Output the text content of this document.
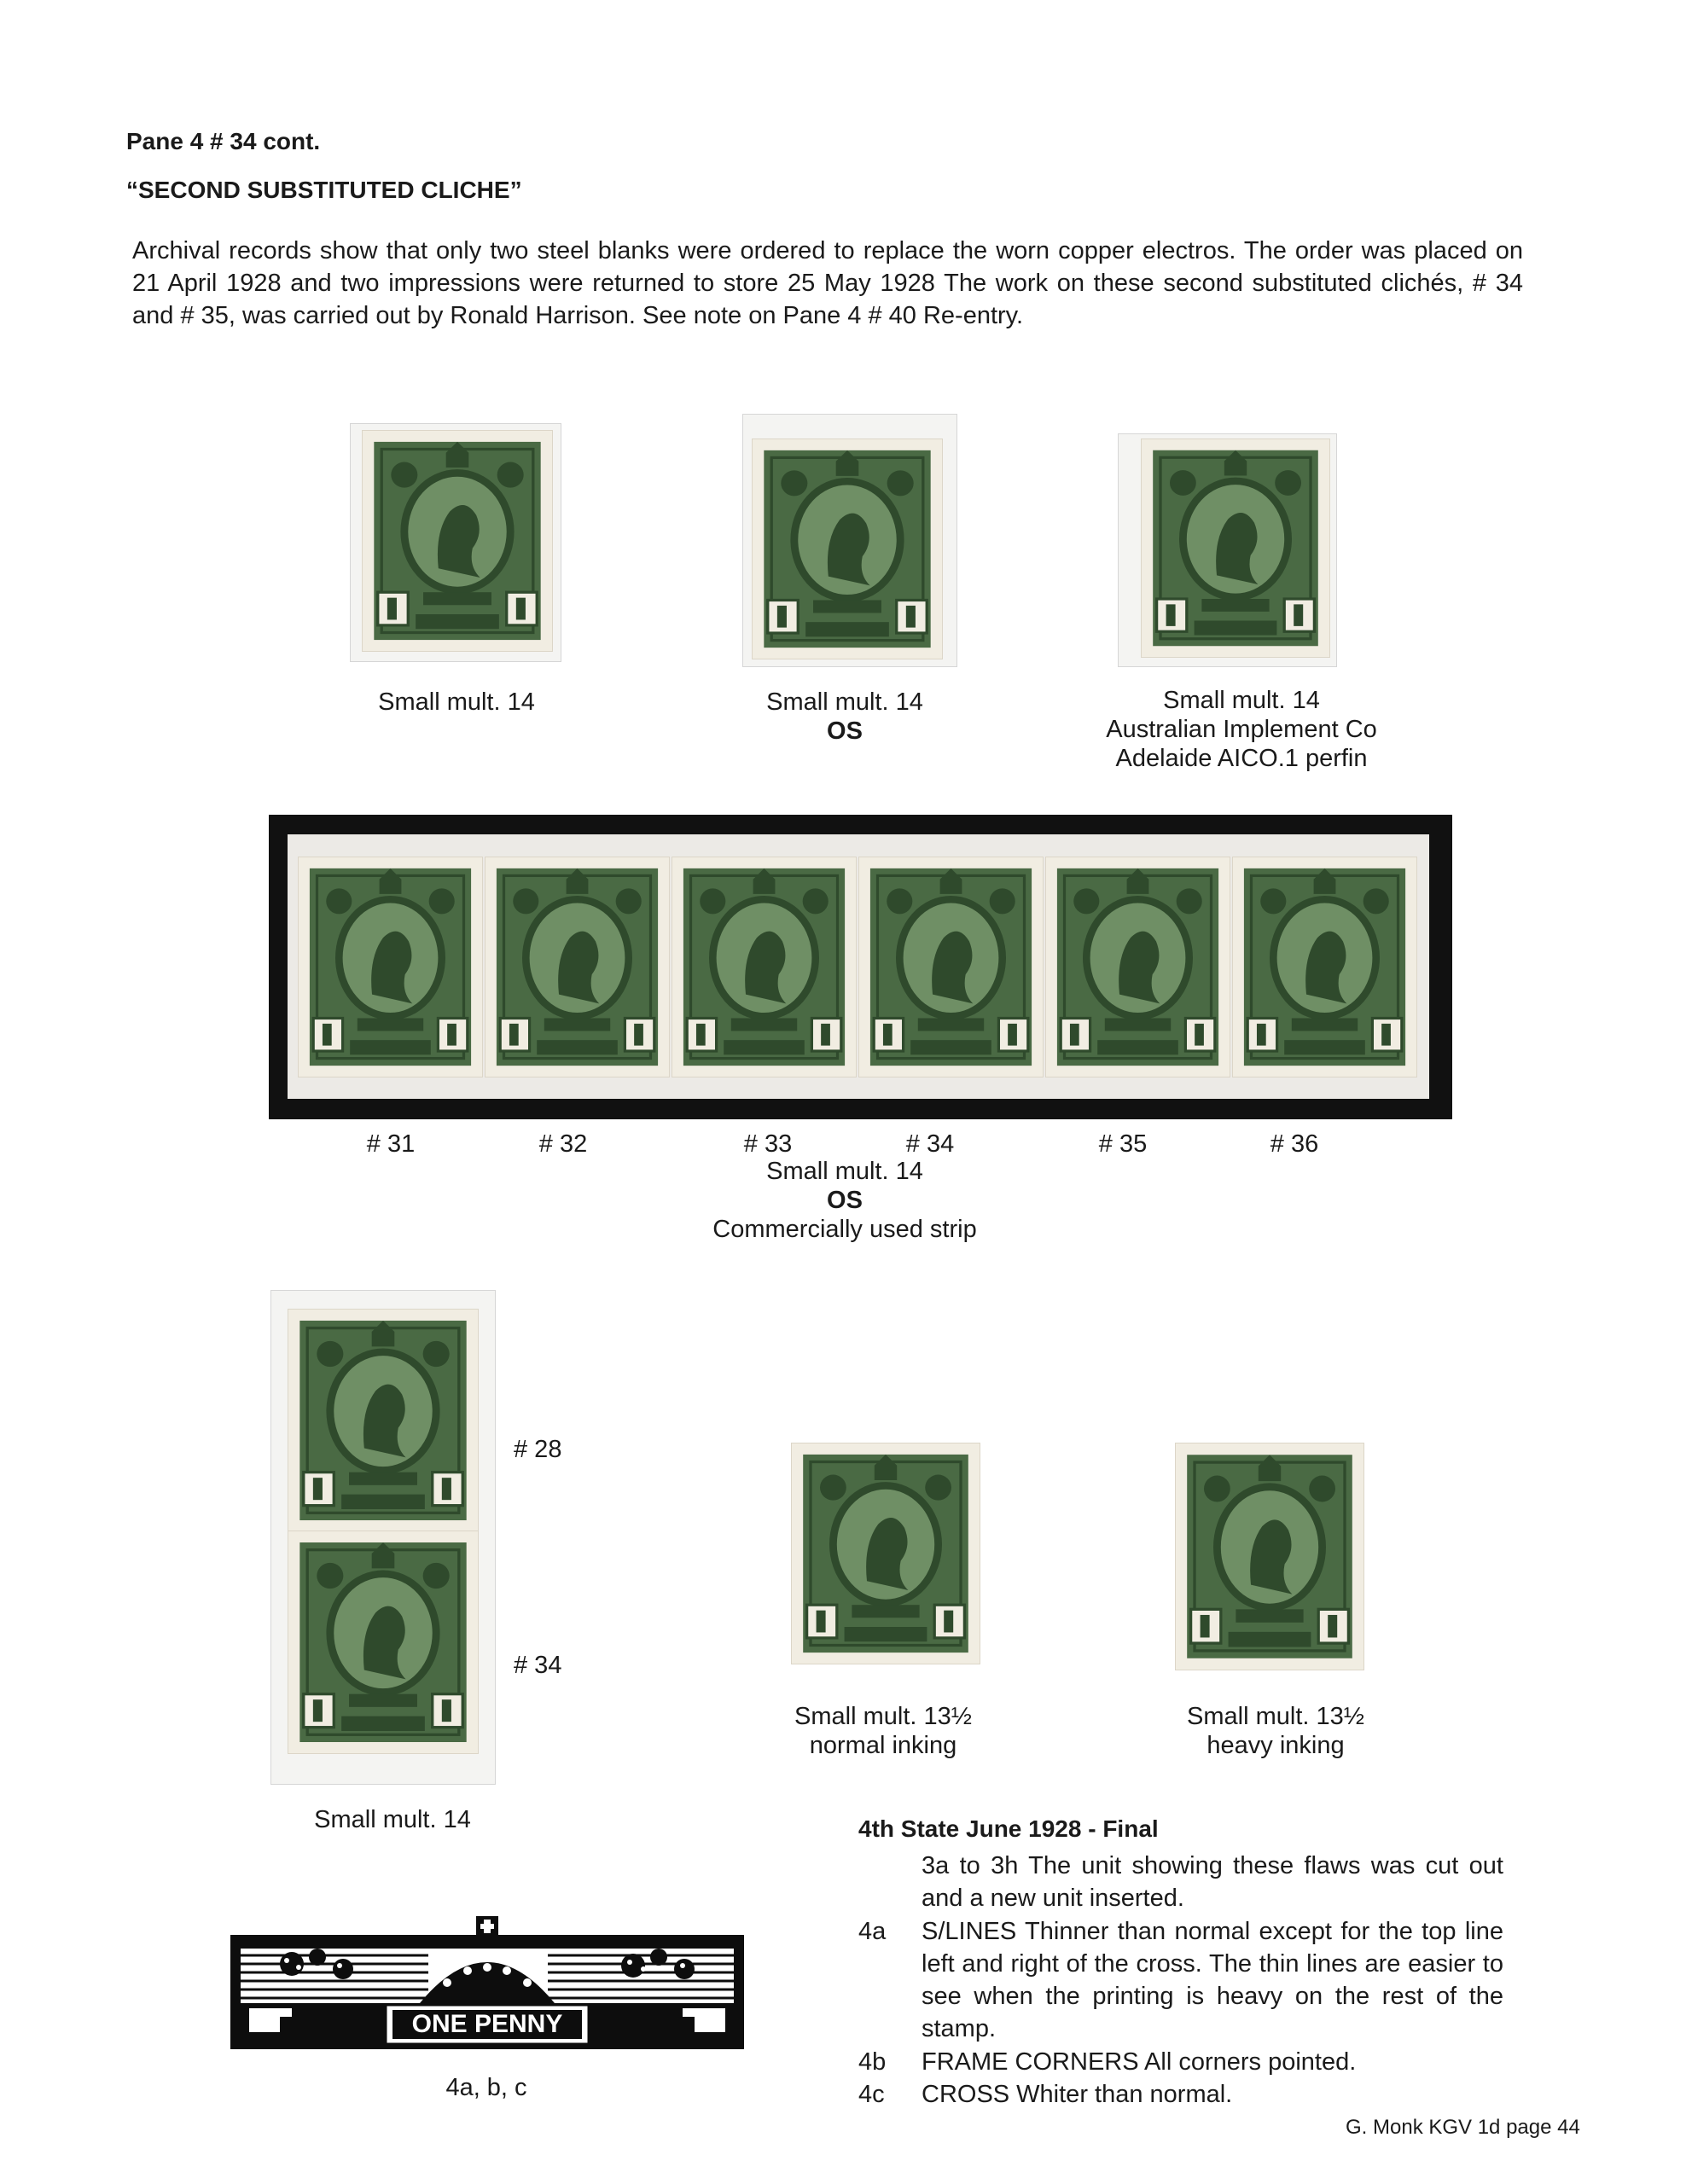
Pane 4 # 34 cont.
“SECOND SUBSTITUTED CLICHE”
Archival records show that only two steel blanks were ordered to replace the worn copper electros. The order was placed on 21 April 1928 and two impressions were returned to store 25 May 1928 The work on these second substituted clichés, # 34 and # 35, was carried out by Ronald Harrison. See note on Pane 4 # 40 Re-entry.
Small mult. 14	Small mult. 14
OS
Small mult. 14
Australian Implement Co
Adelaide AICO.1 perfin
# 31	# 32	# 33	# 34	# 35	# 36
Small mult. 14
OS
Commercially used strip
# 28
# 34
Small mult. 14
Small mult. 13½
normal inking
Small mult. 13½
heavy inking
ONE PENNY
4a, b, c
4th State June 1928 - Final
3a to 3h The unit showing these flaws was cut out and a new unit inserted.
4a	S/LINES Thinner than normal except for the top line left and right of the cross. The thin lines are easier to see when the printing is heavy on the rest of the stamp.
4b	FRAME CORNERS All corners pointed.
4c	CROSS Whiter than normal.
G. Monk KGV 1d page 44
